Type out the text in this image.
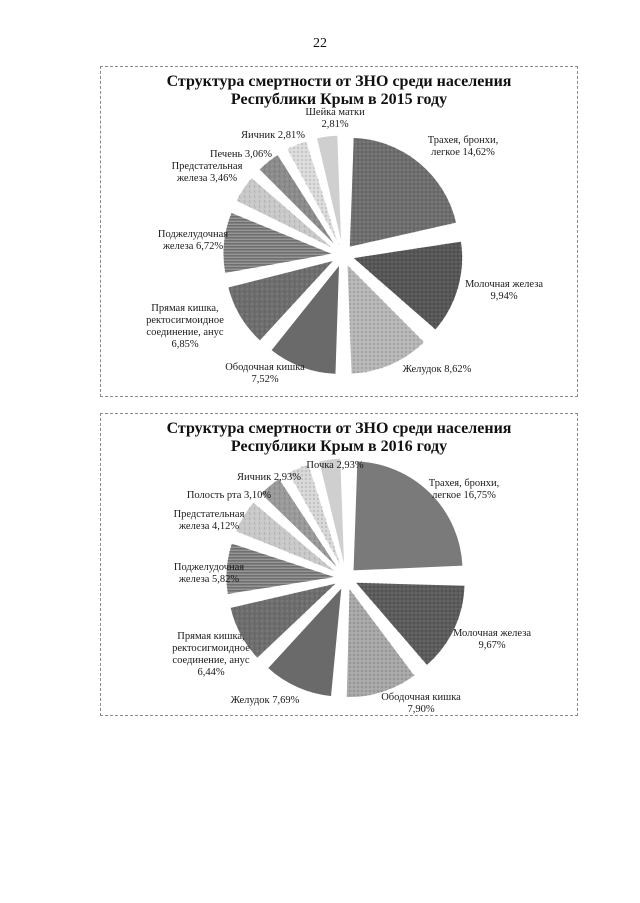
22
Структура смертности от ЗНО среди населения
Республики Крым в 2015 году
Трахея, бронхи, легкое 14,62%
Молочная железа 9,94%
Желудок 8,62%
Ободочная кишка 7,52%
Прямая кишка, ректосигмоидное соединение, анус 6,85%
Поджелудочная железа 6,72%
Предстательная железа 3,46%
Печень 3,06%
Яичник 2,81%
Шейка матки 2,81%
Структура смертности от ЗНО среди населения
Республики Крым в 2016 году
Трахея, бронхи, легкое 16,75%
Молочная железа 9,67%
Ободочная кишка 7,90%
Желудок 7,69%
Прямая кишка, ректосигмоидное соединение, анус 6,44%
Поджелудочная железа 5,82%
Предстательная железа 4,12%
Полость рта 3,10%
Яичник 2,93%
Почка 2,93%
